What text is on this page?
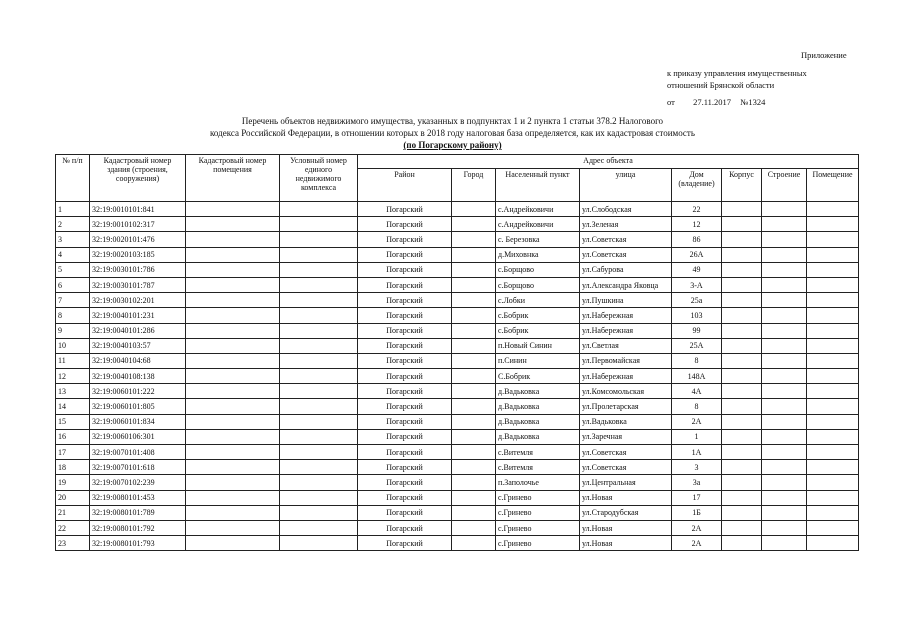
Приложение
к приказу управления имущественных
отношений Брянской области
от 27.11.2017 №1324
Перечень объектов недвижимого имущества, указанных в подпунктах 1 и 2 пункта 1 статьи 378.2 Налогового
кодекса Российской Федерации, в отношении которых в 2018 году налоговая база определяется, как их кадастровая стоимость
(по Погарскому району)
№ п/п	Кадастровый номер здания (строения, сооружения)	Кадастровый номер помещения	Условный номер единого недвижимого комплекса	Адрес объекта							
				Район	Город	Населенный пункт	улица	Дом (владение)	Корпус	Строение	Помещение
1	32:19:0010101:841			Погарский		с.Андрейковичи	ул.Слободская	22			
2	32:19:0010102:317			Погарский		с.Андрейковичи	ул.Зеленая	12			
3	32:19:0020101:476			Погарский		с. Березовка	ул.Советская	86			
4	32:19:0020103:185			Погарский		д.Миховнка	ул.Советская	26А			
5	32:19:0030101:786			Погарский		с.Борщово	ул.Сабурова	49			
6	32:19:0030101:787			Погарский		с.Борщово	ул.Александра Яковца	3-А			
7	32:19:0030102:201			Погарский		с.Лобки	ул.Пушкина	25а			
8	32:19:0040101:231			Погарский		с.Бобрик	ул.Набережная	103			
9	32:19:0040101:286			Погарский		с.Бобрик	ул.Набережная	99			
10	32:19:0040103:57			Погарский		п.Новый Синин	ул.Светлая	25А			
11	32:19:0040104:68			Погарский		п.Синин	ул.Первомайская	8			
12	32:19:0040108:138			Погарский		С.Бобрик	ул.Набережная	148А			
13	32:19:0060101:222			Погарский		д.Вадьковка	ул.Комсомольская	4А			
14	32:19:0060101:805			Погарский		д.Вадьковка	ул.Пролетарская	8			
15	32:19:0060101:834			Погарский		д.Вадьковка	ул.Вадьковка	2А			
16	32:19:0060106:301			Погарский		д.Вадьковка	ул.Заречная	1			
17	32:19:0070101:408			Погарский		с.Витемля	ул.Советская	1А			
18	32:19:0070101:618			Погарский		с.Витемля	ул.Советская	3			
19	32:19:0070102:239			Погарский		п.Заполочье	ул.Центральная	3а			
20	32:19:0080101:453			Погарский		с.Гринево	ул.Новая	17			
21	32:19:0080101:789			Погарский		с.Гринево	ул.Стародубская	1Б			
22	32:19:0080101:792			Погарский		с.Гринево	ул.Новая	2А			
23	32:19:0080101:793			Погарский		с.Гринево	ул.Новая	2А			
